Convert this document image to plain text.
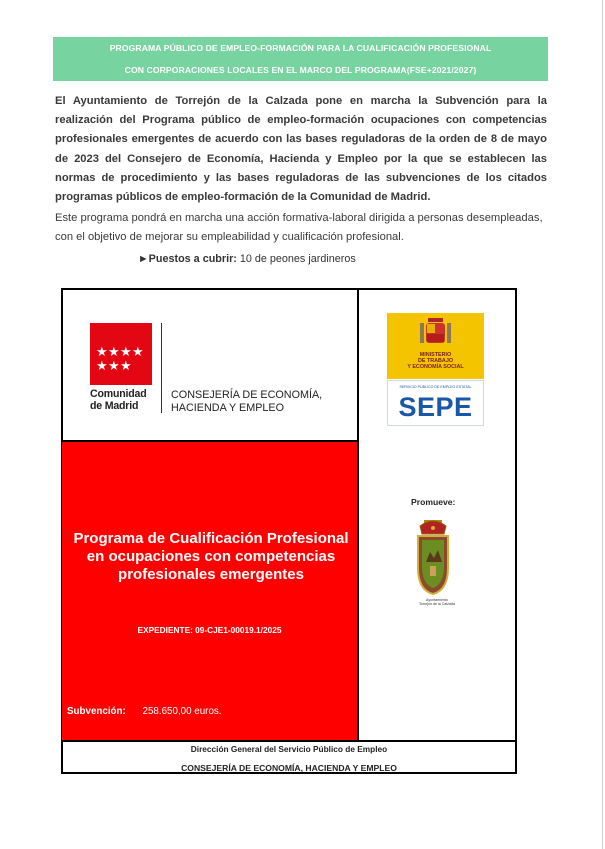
PROGRAMA PÚBLICO DE EMPLEO-FORMACIÓN PARA LA CUALIFICACIÓN PROFESIONAL
CON CORPORACIONES LOCALES EN EL MARCO DEL PROGRAMA(FSE+2021/2027)
El Ayuntamiento de Torrejón de la Calzada pone en marcha la Subvención para la realización del Programa público de empleo-formación ocupaciones con competencias profesionales emergentes de acuerdo con las bases reguladoras de la orden de 8 de mayo de 2023 del Consejero de Economía, Hacienda y Empleo por la que se establecen las normas de procedimiento y las bases reguladoras de las subvenciones de los citados programas públicos de empleo-formación de la Comunidad de Madrid.
Este programa pondrá en marcha una acción formativa-laboral dirigida a personas desempleadas, con el objetivo de mejorar su empleabilidad y cualificación profesional.
►Puestos a cubrir: 10 de peones jardineros
★ ★ ★ ★
★ ★ ★
Comunidad
de Madrid
CONSEJERÍA DE ECONOMÍA,
HACIENDA Y EMPLEO
Programa de Cualificación Profesional en ocupaciones con competencias profesionales emergentes
EXPEDIENTE: 09-CJE1-00019.1/2025
Subvención: 258.650,00 euros.
MINISTERIO
DE TRABAJO
Y ECONOMÍA SOCIAL
SERVICIO PÚBLICO DE EMPLEO ESTATAL
SEPE
Promueve:
Ayuntamiento
Torrejón de la Calzada
Dirección General del Servicio Público de Empleo
CONSEJERÍA DE ECONOMÍA, HACIENDA Y EMPLEO
